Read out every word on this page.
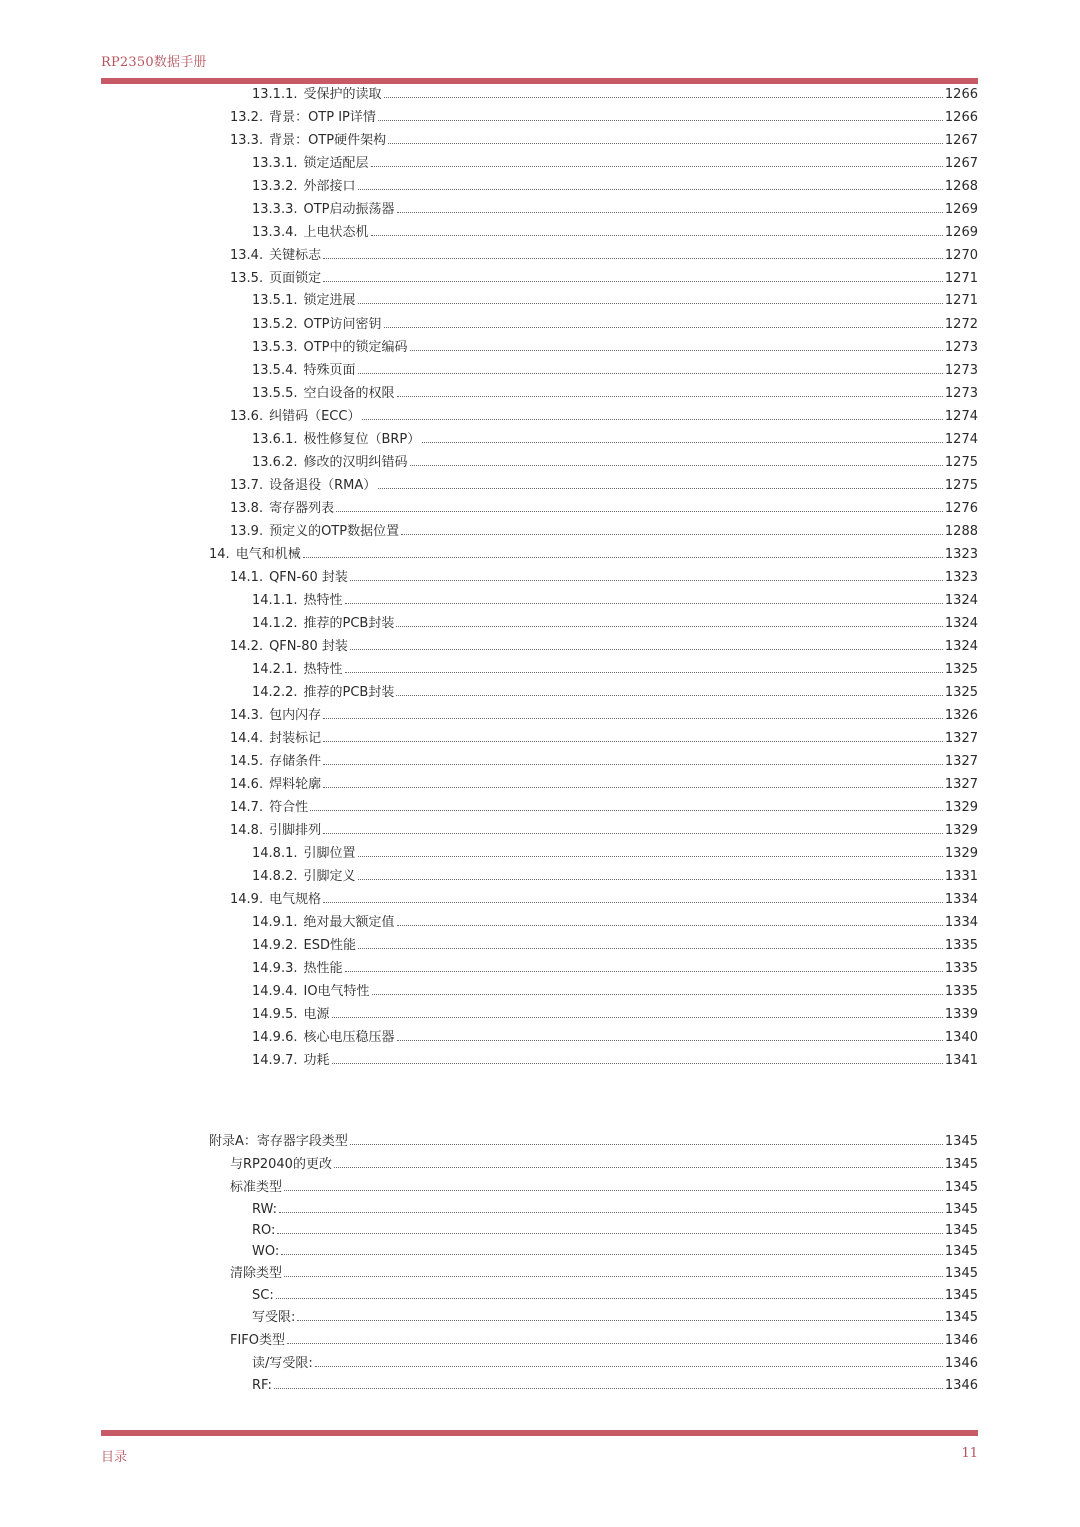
RP2350数据手册
13.1.1. 受保护的读取	1266
13.2. 背景：OTP IP详情	1266
13.3. 背景：OTP硬件架构	1267
13.3.1. 锁定适配层	1267
13.3.2. 外部接口	1268
13.3.3. OTP启动振荡器	1269
13.3.4. 上电状态机	1269
13.4. 关键标志	1270
13.5. 页面锁定	1271
13.5.1. 锁定进展	1271
13.5.2. OTP访问密钥	1272
13.5.3. OTP中的锁定编码	1273
13.5.4. 特殊页面	1273
13.5.5. 空白设备的权限	1273
13.6. 纠错码（ECC）	1274
13.6.1. 极性修复位（BRP）	1274
13.6.2. 修改的汉明纠错码	1275
13.7. 设备退役（RMA）	1275
13.8. 寄存器列表	1276
13.9. 预定义的OTP数据位置	1288
14. 电气和机械	1323
14.1. QFN-60 封装	1323
14.1.1. 热特性	1324
14.1.2. 推荐的PCB封装	1324
14.2. QFN-80 封装	1324
14.2.1. 热特性	1325
14.2.2. 推荐的PCB封装	1325
14.3. 包内闪存	1326
14.4. 封装标记	1327
14.5. 存储条件	1327
14.6. 焊料轮廓	1327
14.7. 符合性	1329
14.8. 引脚排列	1329
14.8.1. 引脚位置	1329
14.8.2. 引脚定义	1331
14.9. 电气规格	1334
14.9.1. 绝对最大额定值	1334
14.9.2. ESD性能	1335
14.9.3. 热性能	1335
14.9.4. IO电气特性	1335
14.9.5. 电源	1339
14.9.6. 核心电压稳压器	1340
14.9.7. 功耗	1341
附录A：寄存器字段类型	1345
与RP2040的更改	1345
标准类型	1345
RW:	1345
RO:	1345
WO:	1345
清除类型	1345
SC:	1345
写受限:	1345
FIFO类型	1346
读/写受限:	1346
RF:	1346
目录	11
